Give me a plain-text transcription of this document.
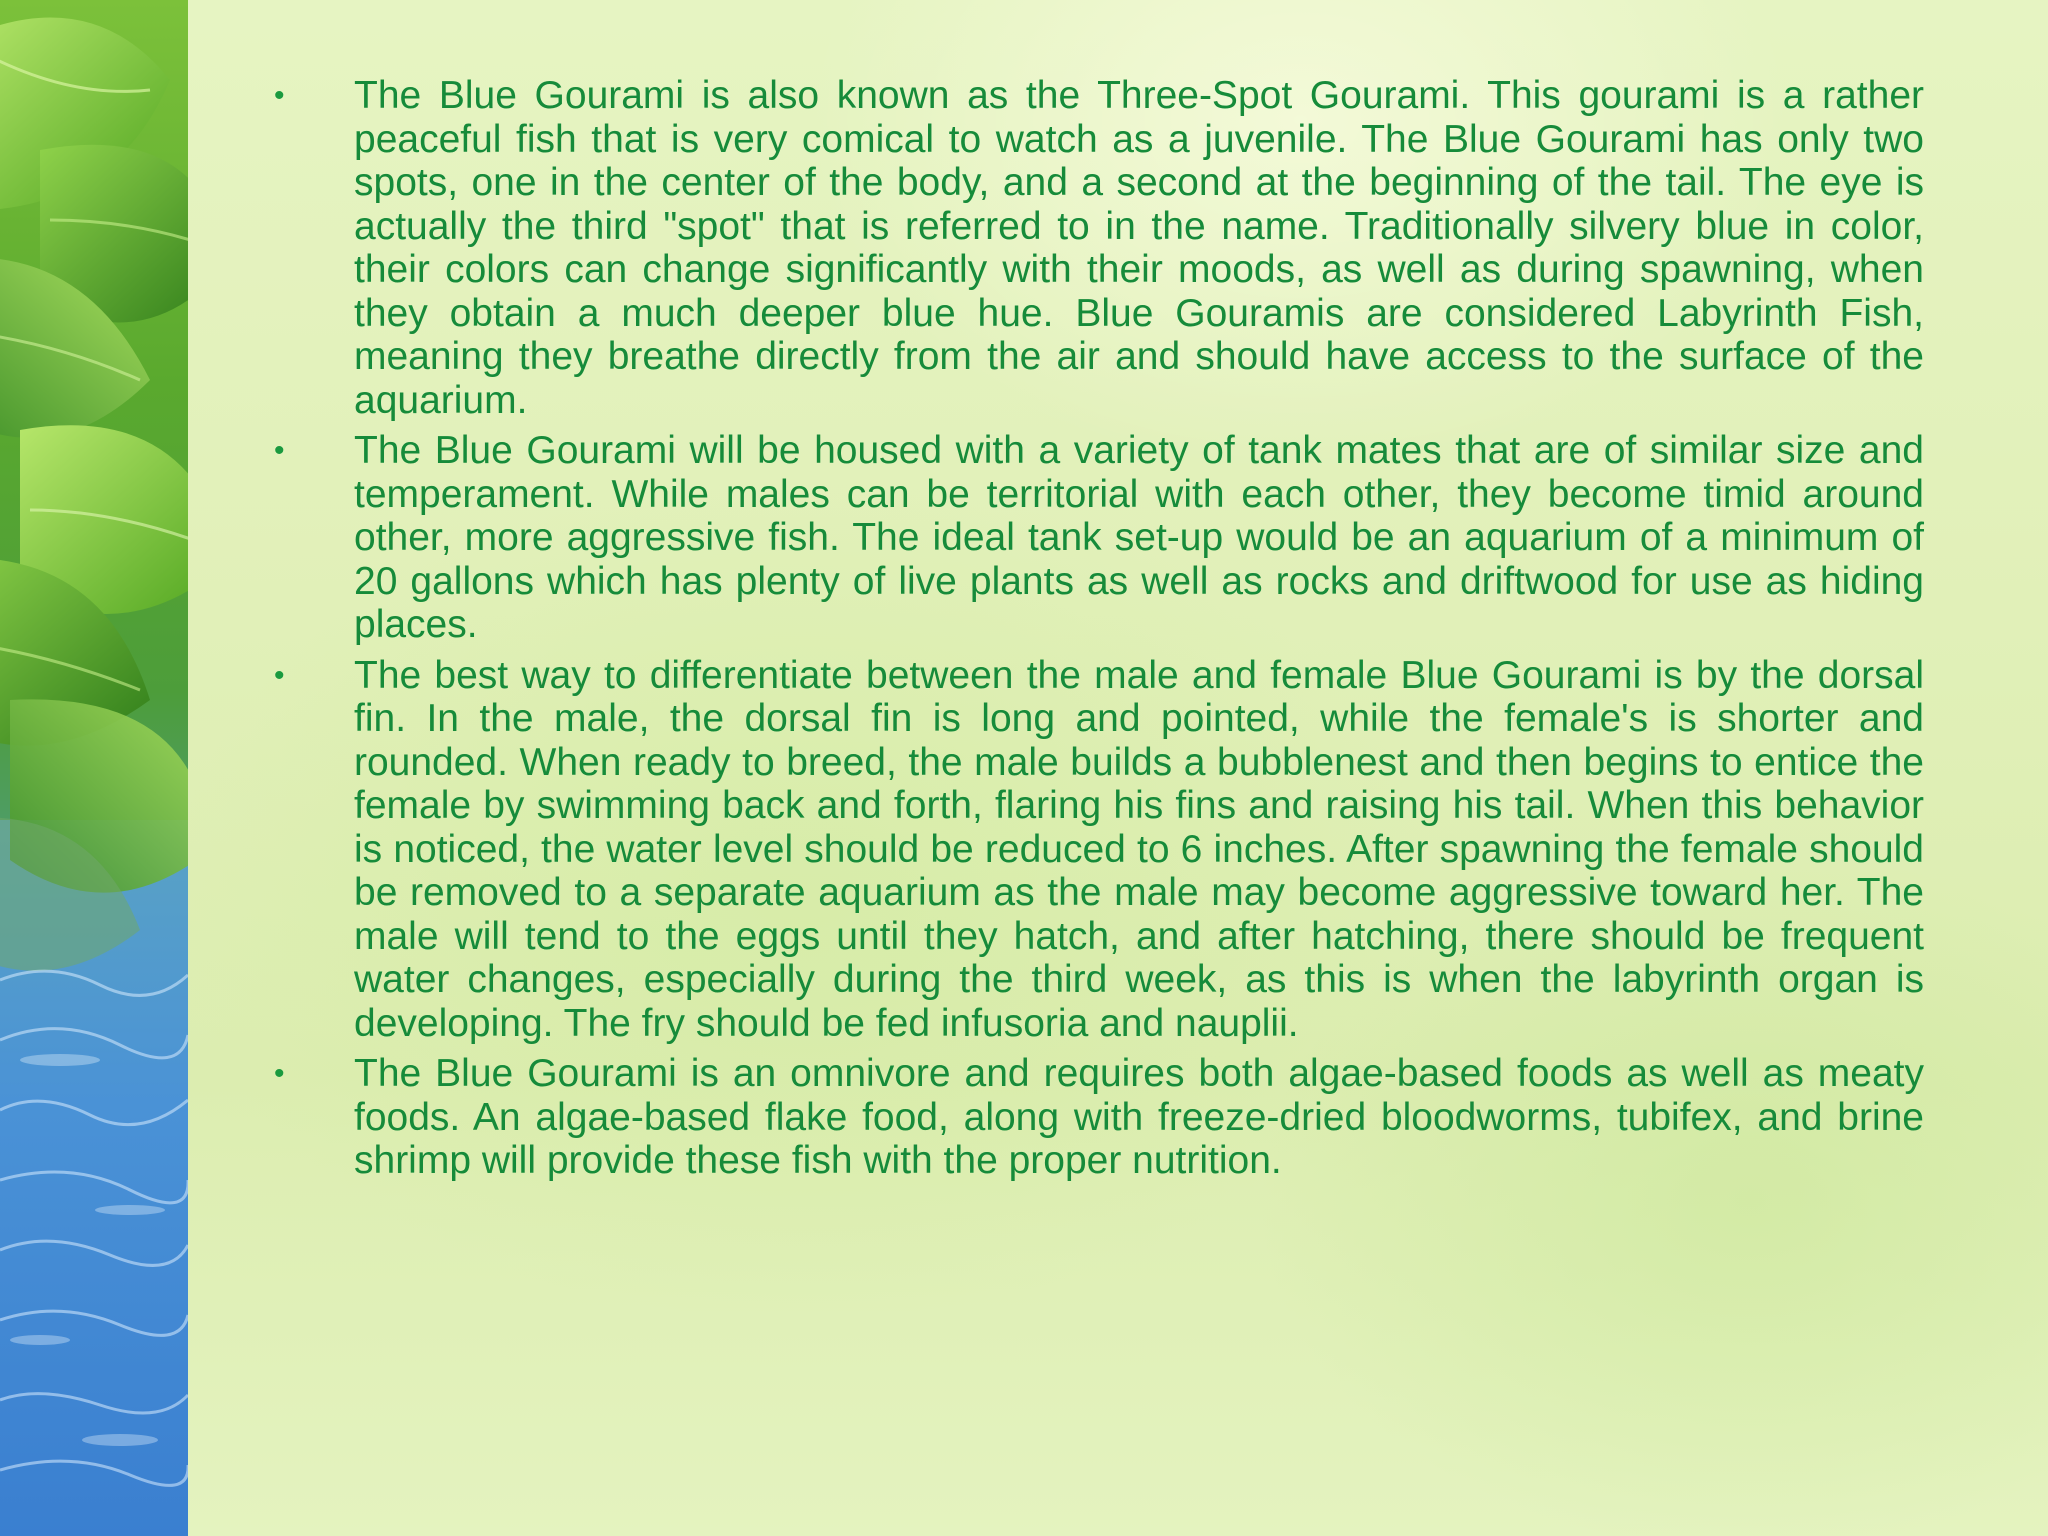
•	The Blue Gourami is also known as the Three-Spot Gourami. This gourami is a rather peaceful fish that is very comical to watch as a juvenile. The Blue Gourami has only two spots, one in the center of the body, and a second at the beginning of the tail. The eye is actually the third "spot" that is referred to in the name. Traditionally silvery blue in color, their colors can change significantly with their moods, as well as during spawning, when they obtain a much deeper blue hue. Blue Gouramis are considered Labyrinth Fish, meaning they breathe directly from the air and should have access to the surface of the aquarium.
•	The Blue Gourami will be housed with a variety of tank mates that are of similar size and temperament. While males can be territorial with each other, they become timid around other, more aggressive fish. The ideal tank set-up would be an aquarium of a minimum of 20 gallons which has plenty of live plants as well as rocks and driftwood for use as hiding places.
•	The best way to differentiate between the male and female Blue Gourami is by the dorsal fin. In the male, the dorsal fin is long and pointed, while the female's is shorter and rounded. When ready to breed, the male builds a bubblenest and then begins to entice the female by swimming back and forth, flaring his fins and raising his tail. When this behavior is noticed, the water level should be reduced to 6 inches. After spawning the female should be removed to a separate aquarium as the male may become aggressive toward her. The male will tend to the eggs until they hatch, and after hatching, there should be frequent water changes, especially during the third week, as this is when the labyrinth organ is developing. The fry should be fed infusoria and nauplii.
•	The Blue Gourami is an omnivore and requires both algae-based foods as well as meaty foods. An algae-based flake food, along with freeze-dried bloodworms, tubifex, and brine shrimp will provide these fish with the proper nutrition.
